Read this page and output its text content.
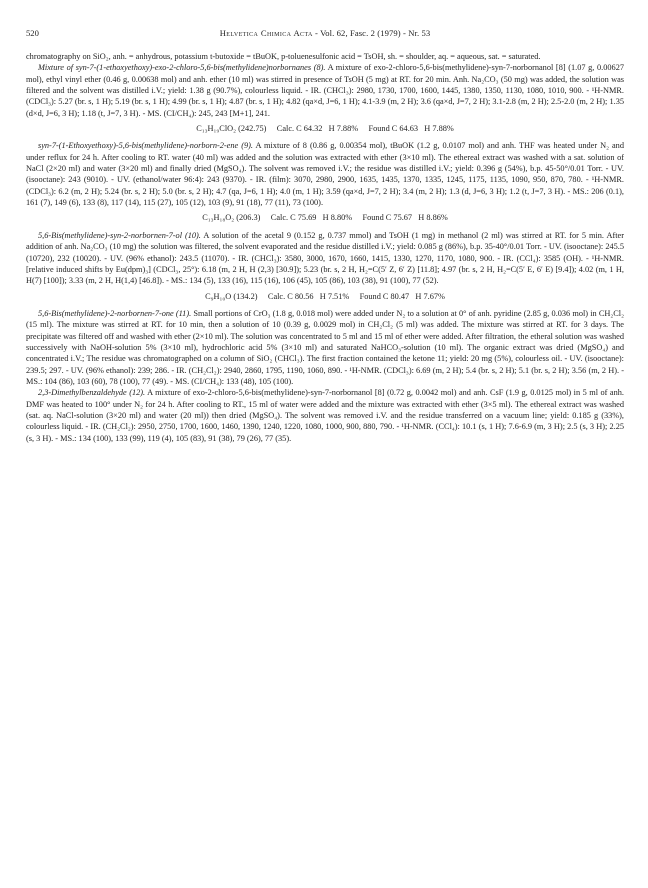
520	Helvetica Chimica Acta - Vol. 62, Fasc. 2 (1979) - Nr. 53

chromatography on SiO₂, anh. = anhydrous, potassium t-butoxide = tBuOK, p-toluenesulfonic acid = TsOH, sh. = shoulder, aq. = aqueous, sat. = saturated.

Mixture of syn-7-(1-ethoxyethoxy)-exo-2-chloro-5,6-bis(methylidene)norbornanes (8). A mixture of exo-2-chloro-5,6-bis(methylidene)-syn-7-norbornanol [8] (1.07 g, 0.00627 mol), ethyl vinyl ether (0.46 g, 0.00638 mol) and anh. ether (10 ml) was stirred in presence of TsOH (5 mg) at RT. for 20 min. Anh. Na₂CO₃ (50 mg) was added, the solution was filtered and the solvent was distilled i.V.; yield: 1.38 g (90.7%), colourless liquid. - IR. (CHCl₃): 2980, 1730, 1700, 1600, 1445, 1380, 1350, 1130, 1080, 1010, 900. - ¹H-NMR. (CDCl₃): 5.27 (br. s, 1 H); 5.19 (br. s, 1 H); 4.99 (br. s, 1 H); 4.87 (br. s, 1 H); 4.82 (qa×d, J=6, 1 H); 4.1-3.9 (m, 2 H); 3.6 (qa×d, J=7, 2 H); 3.1-2.8 (m, 2 H); 2.5-2.0 (m, 2 H); 1.35 (d×d, J=6, 3 H); 1.18 (t, J=7, 3 H). - MS. (CI/CH₄): 245, 243 [M+1], 241.

C₁₃H₁₉ClO₂ (242.75)     Calc. C 64.32   H 7.88%     Found C 64.63   H 7.88%

syn-7-(1-Ethoxyethoxy)-5,6-bis(methylidene)-norborn-2-ene (9). A mixture of 8 (0.86 g, 0.00354 mol), tBuOK (1.2 g, 0.0107 mol) and anh. THF was heated under N₂ and under reflux for 24 h. After cooling to RT. water (40 ml) was added and the solution was extracted with ether (3×10 ml). The ethereal extract was washed with a sat. solution of NaCl (2×20 ml) and water (3×20 ml) and finally dried (MgSO₄). The solvent was removed i.V.; the residue was distilled i.V.; yield: 0.396 g (54%), b.p. 45-50°/0.01 Torr. - UV. (isooctane): 243 (9010). - UV. (ethanol/water 96:4): 243 (9370). - IR. (film): 3070, 2980, 2900, 1635, 1435, 1370, 1335, 1245, 1175, 1135, 1090, 950, 870, 780. - ¹H-NMR. (CDCl₃): 6.2 (m, 2 H); 5.24 (br. s, 2 H); 5.0 (br. s, 2 H); 4.7 (qa, J=6, 1 H); 4.0 (m, 1 H); 3.59 (qa×d, J=7, 2 H); 3.4 (m, 2 H); 1.3 (d, J=6, 3 H); 1.2 (t, J=7, 3 H). - MS.: 206 (0.1), 161 (7), 149 (6), 133 (8), 117 (14), 115 (27), 105 (12), 103 (9), 91 (18), 77 (11), 73 (100).

C₁₃H₁₈O₂ (206.3)     Calc. C 75.69   H 8.80%     Found C 75.67   H 8.86%

5,6-Bis(methylidene)-syn-2-norbornen-7-ol (10). A solution of the acetal 9 (0.152 g, 0.737 mmol) and TsOH (1 mg) in methanol (2 ml) was stirred at RT. for 5 min. After addition of anh. Na₂CO₃ (10 mg) the solution was filtered, the solvent evaporated and the residue distilled i.V.; yield: 0.085 g (86%), b.p. 35-40°/0.01 Torr. - UV. (isooctane): 245.5 (10720), 232 (10020). - UV. (96% ethanol): 243.5 (11070). - IR. (CHCl₃): 3580, 3000, 1670, 1660, 1415, 1330, 1270, 1170, 1080, 900. - IR. (CCl₄): 3585 (OH). - ¹H-NMR. [relative induced shifts by Eu(dpm)₃] (CDCl₃, 25°): 6.18 (m, 2 H, H (2,3) [30.9]); 5.23 (br. s, 2 H, H₂=C(5′ Z, 6′ Z) [11.8]; 4.97 (br. s, 2 H, H₂=C(5′ E, 6′ E) [9.4]); 4.02 (m, 1 H, H(7) [100]); 3.33 (m, 2 H, H(1,4) [46.8]). - MS.: 134 (5), 133 (16), 115 (16), 106 (45), 105 (86), 103 (38), 91 (100), 77 (52).

C₉H₁₀O (134.2)     Calc. C 80.56   H 7.51%     Found C 80.47   H 7.67%

5,6-Bis(methylidene)-2-norbornen-7-one (11). Small portions of CrO₃ (1.8 g, 0.018 mol) were added under N₂ to a solution at 0° of anh. pyridine (2.85 g, 0.036 mol) in CH₂Cl₂ (15 ml). The mixture was stirred at RT. for 10 min, then a solution of 10 (0.39 g, 0.0029 mol) in CH₂Cl₂ (5 ml) was added. The mixture was stirred at RT. for 3 days. The precipitate was filtered off and washed with ether (2×10 ml). The solution was concentrated to 5 ml and 15 ml of ether were added. After filtration, the etheral solution was washed successively with NaOH-solution 5% (3×10 ml), hydrochloric acid 5% (3×10 ml) and saturated NaHCO₃-solution (10 ml). The organic extract was dried (MgSO₄) and concentrated i.V.; The residue was chromatographed on a column of SiO₂ (CHCl₃). The first fraction contained the ketone 11; yield: 20 mg (5%), colourless oil. - UV. (isooctane): 239.5; 297. - UV. (96% ethanol): 239; 286. - IR. (CH₂Cl₂): 2940, 2860, 1795, 1190, 1060, 890. - ¹H-NMR. (CDCl₃): 6.69 (m, 2 H); 5.4 (br. s, 2 H); 5.1 (br. s, 2 H); 3.56 (m, 2 H). - MS.: 104 (86), 103 (60), 78 (100), 77 (49). - MS. (CI/CH₄): 133 (48), 105 (100).

2,3-Dimethylbenzaldehyde (12). A mixture of exo-2-chloro-5,6-bis(methylidene)-syn-7-norbornanol [8] (0.72 g, 0.0042 mol) and anh. CsF (1.9 g, 0.0125 mol) in 5 ml of anh. DMF was heated to 100° under N₂ for 24 h. After cooling to RT., 15 ml of water were added and the mixture was extracted with ether (3×5 ml). The ethereal extract was washed (sat. aq. NaCl-solution (3×20 ml) and water (20 ml)) then dried (MgSO₄). The solvent was removed i.V. and the residue transferred on a vacuum line; yield: 0.185 g (33%), colourless liquid. - IR. (CH₂Cl₂): 2950, 2750, 1700, 1600, 1460, 1390, 1240, 1220, 1080, 1000, 900, 880, 790. - ¹H-NMR. (CCl₄): 10.1 (s, 1 H); 7.6-6.9 (m, 3 H); 2.5 (s, 3 H); 2.25 (s, 3 H). - MS.: 134 (100), 133 (99), 119 (4), 105 (83), 91 (38), 79 (26), 77 (35).
